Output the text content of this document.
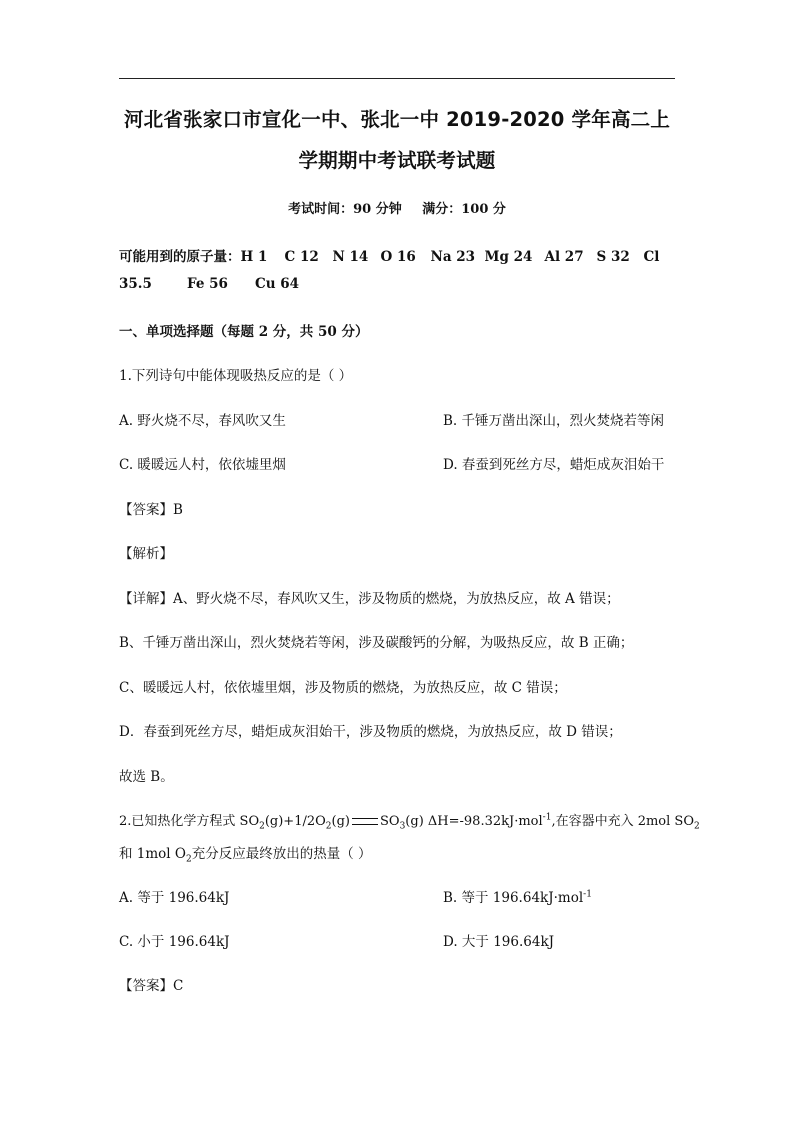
河北省张家口市宣化一中、张北一中 2019-2020 学年高二上
学期期中考试联考试题
考试时间：90 分钟 满分：100 分
可能用到的原子量：H 1 C 12 N 14 O 16 Na 23 Mg 24 Al 27 S 32 Cl
35.5	Fe 56 Cu 64
一、单项选择题（每题 2 分，共 50 分）
1.下列诗句中能体现吸热反应的是（ ）
A. 野火烧不尽，春风吹又生	B. 千锤万凿出深山，烈火焚烧若等闲
C. 暖暖远人村，依依墟里烟	D. 春蚕到死丝方尽，蜡炬成灰泪始干
【答案】B
【解析】
【详解】A、野火烧不尽，春风吹又生，涉及物质的燃烧，为放热反应，故 A 错误；
B、千锤万凿出深山，烈火焚烧若等闲，涉及碳酸钙的分解，为吸热反应，故 B 正确；
C、暖暖远人村，依依墟里烟，涉及物质的燃烧，为放热反应，故 C 错误；
D．春蚕到死丝方尽，蜡炬成灰泪始干，涉及物质的燃烧，为放热反应，故 D 错误；
故选 B。
2.已知热化学方程式 $SO_2(g)+1/2O_2(g)$ $SO_3(g)$ ΔH=-98.32kJ·mol$^{-1}$,在容器中充入 2mol $SO_2$
和 1mol $O_2$充分反应最终放出的热量（ ）
A. 等于 196.64kJ	B. 等于 196.64kJ·mol$^{-1}$
C. 小于 196.64kJ	D. 大于 196.64kJ
【答案】C
